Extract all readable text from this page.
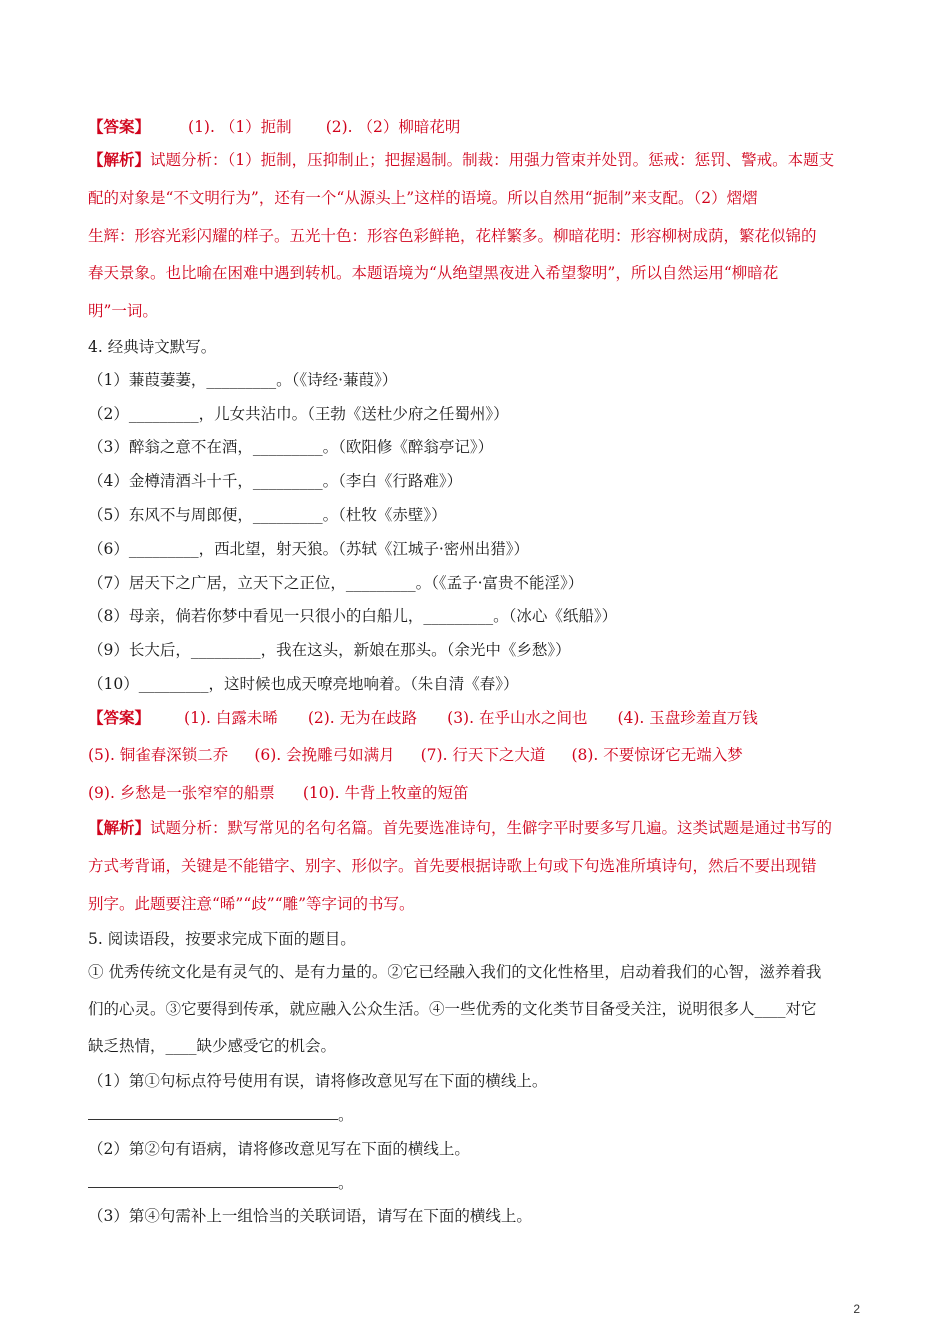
【答案】 (1). （1）扼制 (2). （2）柳暗花明
【解析】试题分析：（1）扼制，压抑制止；把握遏制。制裁：用强力管束并处罚。惩戒：惩罚、警戒。本题支
配的对象是“不文明行为”，还有一个“从源头上”这样的语境。所以自然用“扼制”来支配。（2）熠熠
生辉：形容光彩闪耀的样子。五光十色：形容色彩鲜艳，花样繁多。柳暗花明：形容柳树成荫，繁花似锦的
春天景象。也比喻在困难中遇到转机。本题语境为“从绝望黑夜进入希望黎明”，所以自然运用“柳暗花
明”一词。
4. 经典诗文默写。
（1）蒹葭萋萋，_________。（《诗经·蒹葭》）
（2）_________，儿女共沾巾。（王勃《送杜少府之任蜀州》）
（3）醉翁之意不在酒，_________。（欧阳修《醉翁亭记》）
（4）金樽清酒斗十千，_________。（李白《行路难》）
（5）东风不与周郎便，_________。（杜牧《赤壁》）
（6）_________，西北望，射天狼。（苏轼《江城子·密州出猎》）
（7）居天下之广居，立天下之正位，_________。（《孟子·富贵不能淫》）
（8）母亲，倘若你梦中看见一只很小的白船儿，_________。（冰心《纸船》）
（9）长大后，_________，我在这头，新娘在那头。（余光中《乡愁》）
（10）_________，这时候也成天嘹亮地响着。（朱自清《春》）
【答案】 (1). 白露未晞 (2). 无为在歧路 (3). 在乎山水之间也 (4). 玉盘珍羞直万钱
(5). 铜雀春深锁二乔 (6). 会挽雕弓如满月 (7). 行天下之大道 (8). 不要惊讶它无端入梦
(9). 乡愁是一张窄窄的船票 (10). 牛背上牧童的短笛
【解析】试题分析：默写常见的名句名篇。首先要选准诗句，生僻字平时要多写几遍。这类试题是通过书写的
方式考背诵，关键是不能错字、别字、形似字。首先要根据诗歌上句或下句选准所填诗句，然后不要出现错
别字。此题要注意“晞”“歧”“雕”等字词的书写。
5. 阅读语段，按要求完成下面的题目。
① 优秀传统文化是有灵气的、是有力量的。②它已经融入我们的文化性格里，启动着我们的心智，滋养着我
们的心灵。③它要得到传承，就应融入公众生活。④一些优秀的文化类节目备受关注，说明很多人____对它
缺乏热情，____缺少感受它的机会。
（1）第①句标点符号使用有误，请将修改意见写在下面的横线上。
。
（2）第②句有语病，请将修改意见写在下面的横线上。
。
（3）第④句需补上一组恰当的关联词语，请写在下面的横线上。
2
